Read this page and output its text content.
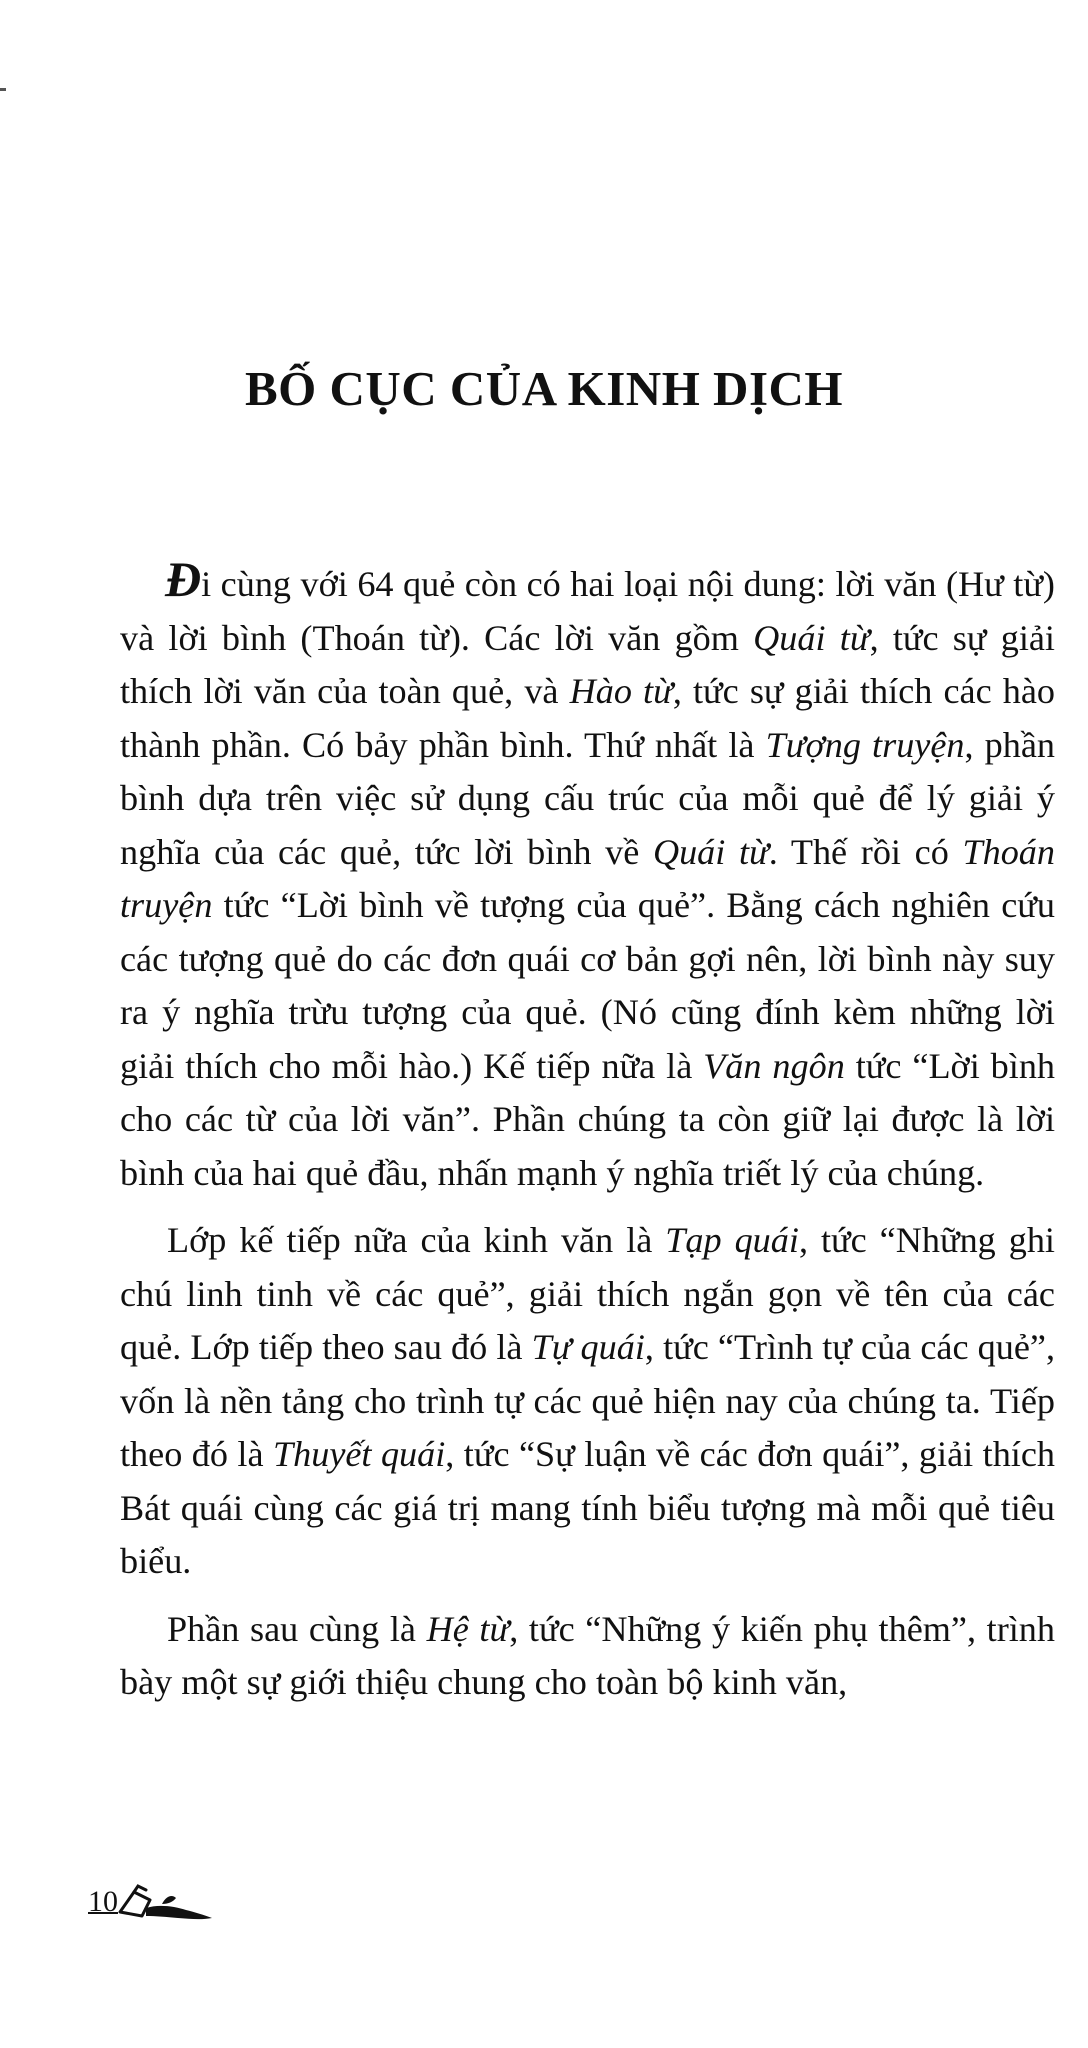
BỐ CỤC CỦA KINH DỊCH

Đi cùng với 64 quẻ còn có hai loại nội dung: lời văn (Hư từ) và lời bình (Thoán từ). Các lời văn gồm Quái từ, tức sự giải thích lời văn của toàn quẻ, và Hào từ, tức sự giải thích các hào thành phần. Có bảy phần bình. Thứ nhất là Tượng truyện, phần bình dựa trên việc sử dụng cấu trúc của mỗi quẻ để lý giải ý nghĩa của các quẻ, tức lời bình về Quái từ. Thế rồi có Thoán truyện tức “Lời bình về tượng của quẻ”. Bằng cách nghiên cứu các tượng quẻ do các đơn quái cơ bản gợi nên, lời bình này suy ra ý nghĩa trừu tượng của quẻ. (Nó cũng đính kèm những lời giải thích cho mỗi hào.) Kế tiếp nữa là Văn ngôn tức “Lời bình cho các từ của lời văn”. Phần chúng ta còn giữ lại được là lời bình của hai quẻ đầu, nhấn mạnh ý nghĩa triết lý của chúng.

Lớp kế tiếp nữa của kinh văn là Tạp quái, tức “Những ghi chú linh tinh về các quẻ”, giải thích ngắn gọn về tên của các quẻ. Lớp tiếp theo sau đó là Tự quái, tức “Trình tự của các quẻ”, vốn là nền tảng cho trình tự các quẻ hiện nay của chúng ta. Tiếp theo đó là Thuyết quái, tức “Sự luận về các đơn quái”, giải thích Bát quái cùng các giá trị mang tính biểu tượng mà mỗi quẻ tiêu biểu.

Phần sau cùng là Hệ từ, tức “Những ý kiến phụ thêm”, trình bày một sự giới thiệu chung cho toàn bộ kinh văn,

10
